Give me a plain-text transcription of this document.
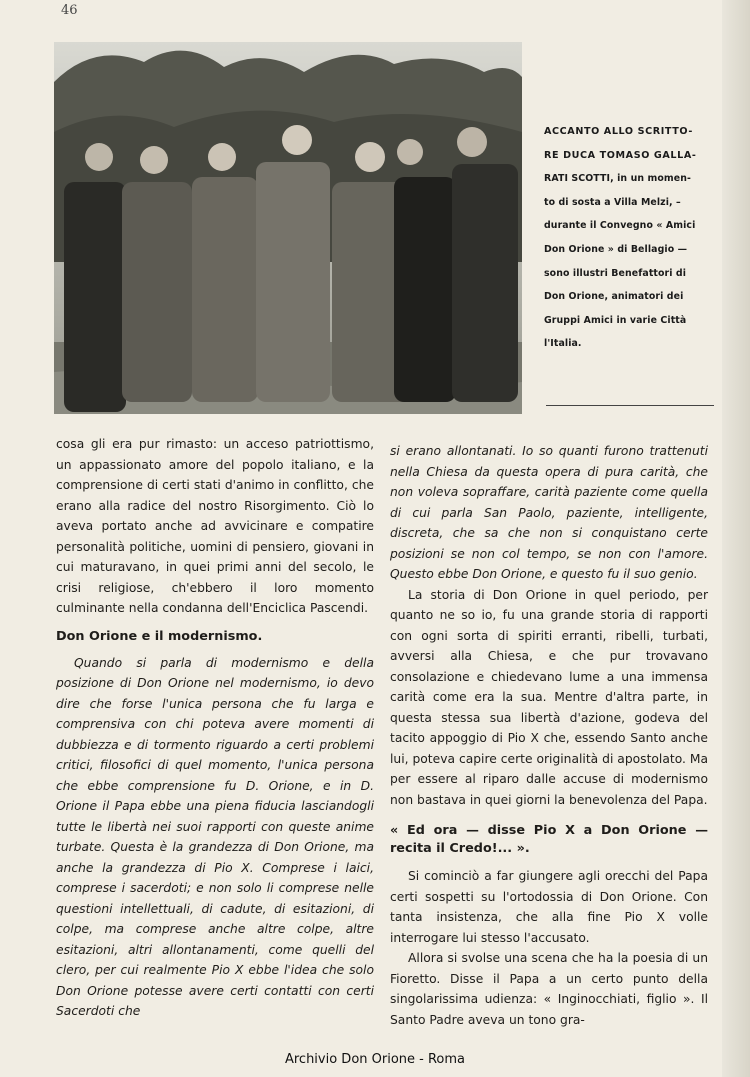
46
ACCANTO ALLO SCRITTO-
RE DUCA TOMASO GALLA-
RATI SCOTTI, in un momen-
to di sosta a Villa Melzi, –
durante il Convegno « Amici
Don Orione » di Bellagio —
sono illustri Benefattori di
Don Orione, animatori dei
Gruppi Amici in varie Città
l'Italia.

cosa gli era pur rimasto: un acceso patriottismo, un appassionato amore del popolo italiano, e la comprensione di certi stati d'animo in conflitto, che erano alla radice del nostro Risorgimento. Ciò lo aveva portato anche ad avvicinare e compatire personalità politiche, uomini di pensiero, giovani in cui maturavano, in quei primi anni del secolo, le crisi religiose, ch'ebbero il loro momento culminante nella condanna dell'Enciclica Pascendi.

Don Orione e il modernismo.

Quando si parla di modernismo e della posizione di Don Orione nel modernismo, io devo dire che forse l'unica persona che fu larga e comprensiva con chi poteva avere momenti di dubbiezza e di tormento riguardo a certi problemi critici, filosofici di quel momento, l'unica persona che ebbe comprensione fu D. Orione, e in D. Orione il Papa ebbe una piena fiducia lasciandogli tutte le libertà nei suoi rapporti con queste anime turbate. Questa è la grandezza di Don Orione, ma anche la grandezza di Pio X. Comprese i laici, comprese i sacerdoti; e non solo li comprese nelle questioni intellettuali, di cadute, di esitazioni, di colpe, ma comprese anche altre colpe, altre esitazioni, altri allontanamenti, come quelli del clero, per cui realmente Pio X ebbe l'idea che solo Don Orione potesse avere certi contatti con certi Sacerdoti che

si erano allontanati. Io so quanti furono trattenuti nella Chiesa da questa opera di pura carità, che non voleva sopraffare, carità paziente come quella di cui parla San Paolo, paziente, intelligente, discreta, che sa che non si conquistano certe posizioni se non col tempo, se non con l'amore. Questo ebbe Don Orione, e questo fu il suo genio.

La storia di Don Orione in quel periodo, per quanto ne so io, fu una grande storia di rapporti con ogni sorta di spiriti erranti, ribelli, turbati, avversi alla Chiesa, e che pur trovavano consolazione e chiedevano lume a una immensa carità come era la sua. Mentre d'altra parte, in questa stessa sua libertà d'azione, godeva del tacito appoggio di Pio X che, essendo Santo anche lui, poteva capire certe originalità di apostolato. Ma per essere al riparo dalle accuse di modernismo non bastava in quei giorni la benevolenza del Papa.

« Ed ora — disse Pio X a Don Orione — recita il Credo!... ».

Si cominciò a far giungere agli orecchi del Papa certi sospetti su l'ortodossia di Don Orione. Con tanta insistenza, che alla fine Pio X volle interrogare lui stesso l'accusato.

Allora si svolse una scena che ha la poesia di un Fioretto. Disse il Papa a un certo punto della singolarissima udienza: « Inginocchiati, figlio ». Il Santo Padre aveva un tono gra-

Archivio Don Orione - Roma
